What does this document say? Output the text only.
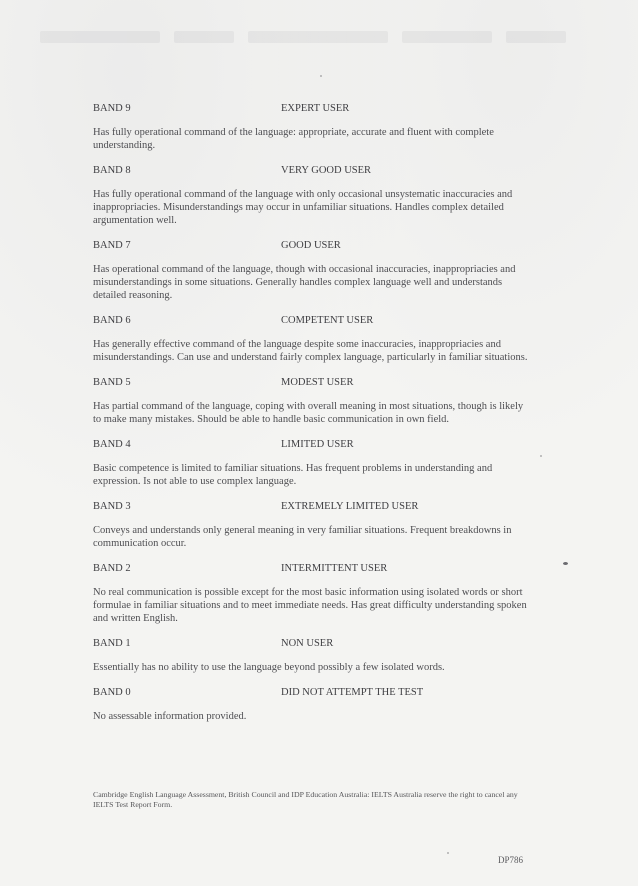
BAND 9	EXPERT USER

Has fully operational command of the language: appropriate, accurate and fluent with complete understanding.

BAND 8	VERY GOOD USER

Has fully operational command of the language with only occasional unsystematic inaccuracies and inappropriacies. Misunderstandings may occur in unfamiliar situations. Handles complex detailed argumentation well.

BAND 7	GOOD USER

Has operational command of the language, though with occasional inaccuracies, inappropriacies and misunderstandings in some situations. Generally handles complex language well and understands detailed reasoning.

BAND 6	COMPETENT USER

Has generally effective command of the language despite some inaccuracies, inappropriacies and misunderstandings. Can use and understand fairly complex language, particularly in familiar situations.

BAND 5	MODEST USER

Has partial command of the language, coping with overall meaning in most situations, though is likely to make many mistakes. Should be able to handle basic communication in own field.

BAND 4	LIMITED USER

Basic competence is limited to familiar situations. Has frequent problems in understanding and expression. Is not able to use complex language.

BAND 3	EXTREMELY LIMITED USER

Conveys and understands only general meaning in very familiar situations. Frequent breakdowns in communication occur.

BAND 2	INTERMITTENT USER

No real communication is possible except for the most basic information using isolated words or short formulae in familiar situations and to meet immediate needs. Has great difficulty understanding spoken and written English.

BAND 1	NON USER

Essentially has no ability to use the language beyond possibly a few isolated words.

BAND 0	DID NOT ATTEMPT THE TEST

No assessable information provided.

Cambridge English Language Assessment, British Council and IDP Education Australia: IELTS Australia reserve the right to cancel any IELTS Test Report Form.
DP786
